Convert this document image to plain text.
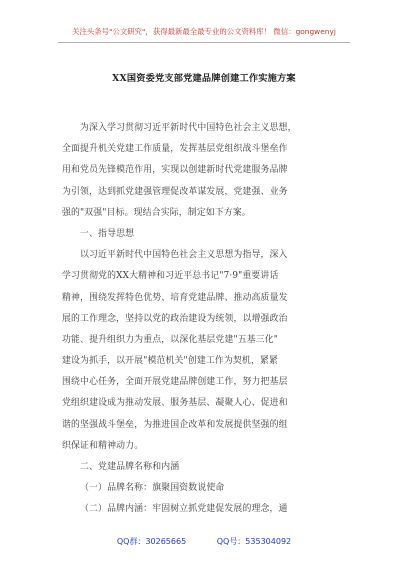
关注头条号"公文研究"，获得最新最全最专业的公文资料库！ 微信：gongwenyj
XX国资委党支部党建品牌创建工作实施方案
为深入学习贯彻习近平新时代中国特色社会主义思想，
全面提升机关党建工作质量，发挥基层党组织战斗堡垒作
用和党员先锋模范作用，实现以创建新时代党建服务品牌
为引领，达到抓党建强管理促改革谋发展，党建强、业务
强的"双强"目标。现结合实际，制定如下方案。
一、指导思想
以习近平新时代中国特色社会主义思想为指导，深入
学习贯彻党的XX大精神和习近平总书记"7·9"重要讲话
精神，围绕发挥特色优势、培育党建品牌、推动高质量发
展的工作理念，坚持以党的政治建设为统领，以增强政治
功能、提升组织力为重点，以深化基层党建"五基三化"
建设为抓手，以开展"模范机关"创建工作为契机，紧紧
围绕中心任务，全面开展党建品牌创建工作，努力把基层
党组织建设成为推动发展、服务基层、凝聚人心、促进和
谐的坚强战斗堡垒，为推进国企改革和发展提供坚强的组
织保证和精神动力。
二、党建品牌名称和内涵
（一）品牌名称：旗聚国资数说使命
（二）品牌内涵：牢固树立抓党建促发展的理念，通
QQ群：30265665	QQ号：535304092
